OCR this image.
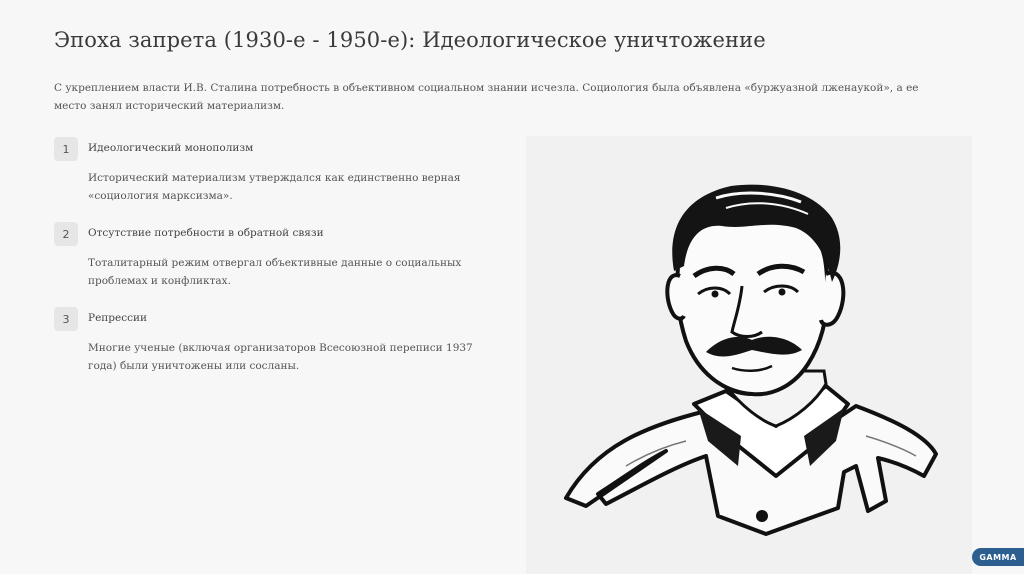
Эпоха запрета (1930-е - 1950-е): Идеологическое уничтожение
С укреплением власти И.В. Сталина потребность в объективном социальном знании исчезла. Социология была объявлена «буржуазной лженаукой», а ее место занял исторический материализм.
1	Идеологический монополизм
Исторический материализм утверждался как единственно верная «социология марксизма».
2	Отсутствие потребности в обратной связи
Тоталитарный режим отвергал объективные данные о социальных проблемах и конфликтах.
3	Репрессии
Многие ученые (включая организаторов Всесоюзной переписи 1937 года) были уничтожены или сосланы.
GAMMA
